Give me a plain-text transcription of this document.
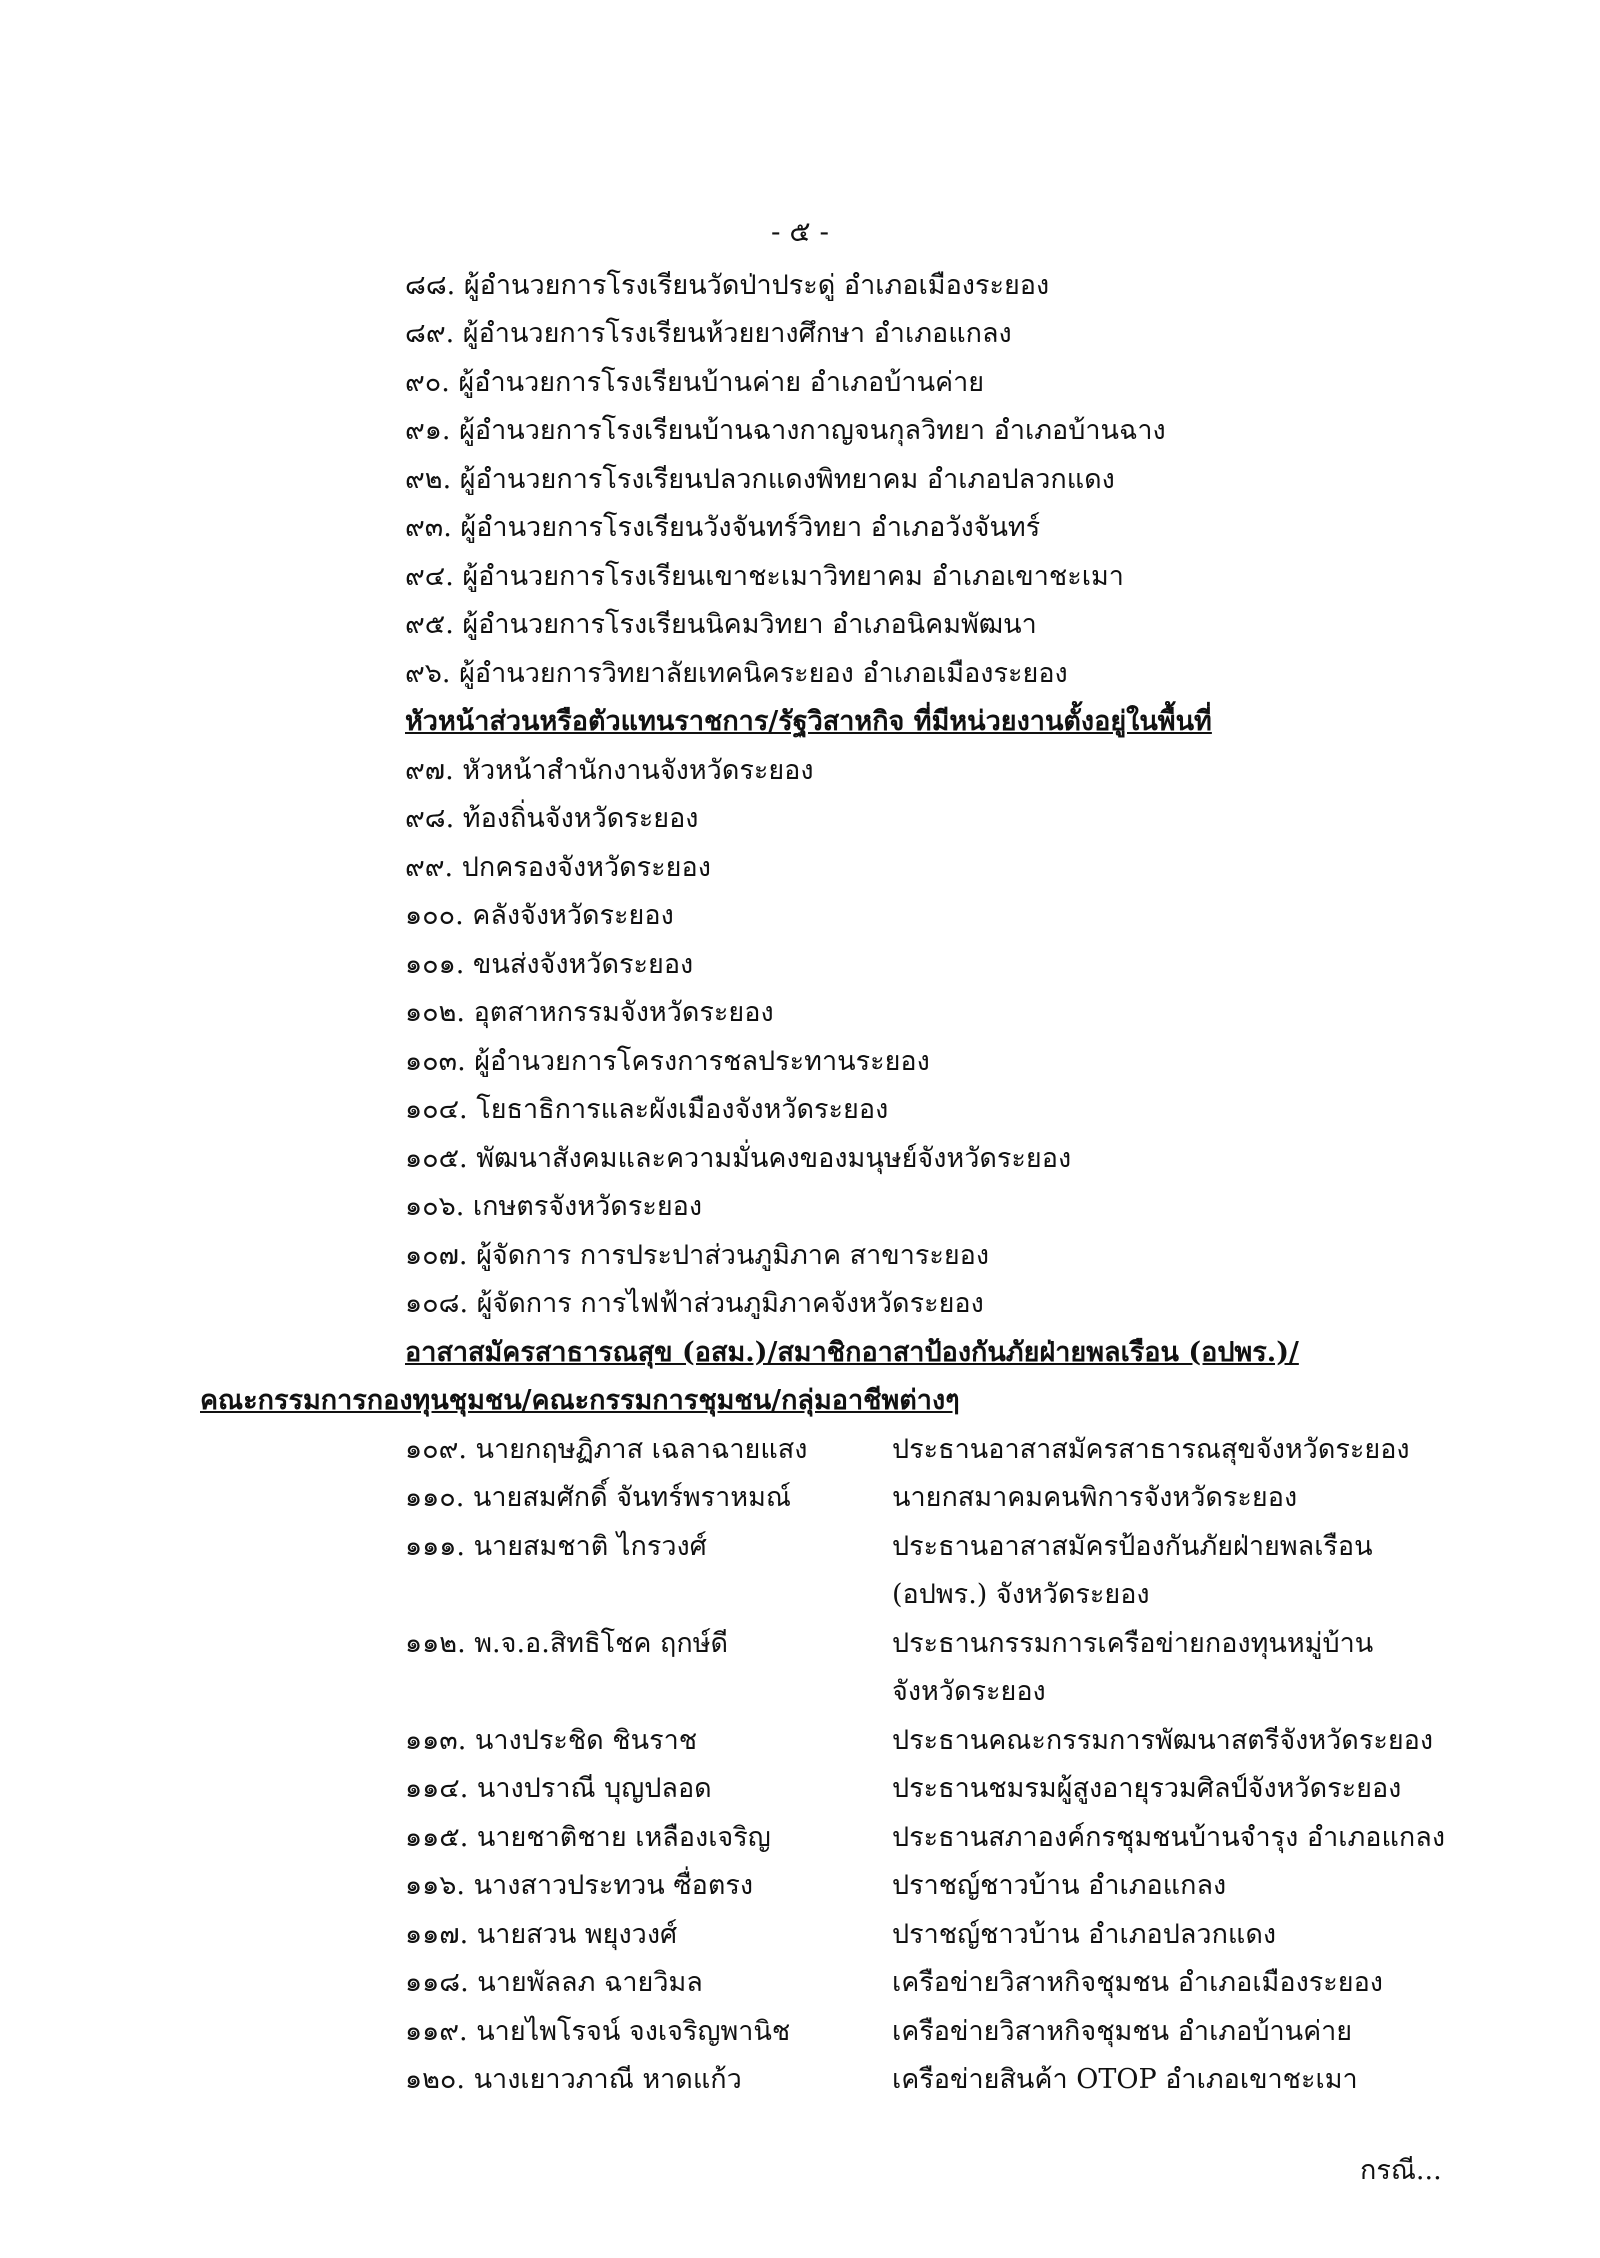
- ๕ -
๘๘. ผู้อำนวยการโรงเรียนวัดป่าประดู่ อำเภอเมืองระยอง
๘๙. ผู้อำนวยการโรงเรียนห้วยยางศึกษา อำเภอแกลง
๙๐. ผู้อำนวยการโรงเรียนบ้านค่าย อำเภอบ้านค่าย
๙๑. ผู้อำนวยการโรงเรียนบ้านฉางกาญจนกุลวิทยา อำเภอบ้านฉาง
๙๒. ผู้อำนวยการโรงเรียนปลวกแดงพิทยาคม อำเภอปลวกแดง
๙๓. ผู้อำนวยการโรงเรียนวังจันทร์วิทยา อำเภอวังจันทร์
๙๔. ผู้อำนวยการโรงเรียนเขาชะเมาวิทยาคม อำเภอเขาชะเมา
๙๕. ผู้อำนวยการโรงเรียนนิคมวิทยา อำเภอนิคมพัฒนา
๙๖. ผู้อำนวยการวิทยาลัยเทคนิคระยอง อำเภอเมืองระยอง
หัวหน้าส่วนหรือตัวแทนราชการ/รัฐวิสาหกิจ ที่มีหน่วยงานตั้งอยู่ในพื้นที่
๙๗. หัวหน้าสำนักงานจังหวัดระยอง
๙๘. ท้องถิ่นจังหวัดระยอง
๙๙. ปกครองจังหวัดระยอง
๑๐๐. คลังจังหวัดระยอง
๑๐๑. ขนส่งจังหวัดระยอง
๑๐๒. อุตสาหกรรมจังหวัดระยอง
๑๐๓. ผู้อำนวยการโครงการชลประทานระยอง
๑๐๔. โยธาธิการและผังเมืองจังหวัดระยอง
๑๐๕. พัฒนาสังคมและความมั่นคงของมนุษย์จังหวัดระยอง
๑๐๖. เกษตรจังหวัดระยอง
๑๐๗. ผู้จัดการ การประปาส่วนภูมิภาค สาขาระยอง
๑๐๘. ผู้จัดการ การไฟฟ้าส่วนภูมิภาคจังหวัดระยอง
อาสาสมัครสาธารณสุข (อสม.)/สมาชิกอาสาป้องกันภัยฝ่ายพลเรือน (อปพร.)/
คณะกรรมการกองทุนชุมชน/คณะกรรมการชุมชน/กลุ่มอาชีพต่างๆ
๑๐๙. นายกฤษฏิภาส เฉลาฉายแสง	ประธานอาสาสมัครสาธารณสุขจังหวัดระยอง
๑๑๐. นายสมศักดิ์ จันทร์พราหมณ์	นายกสมาคมคนพิการจังหวัดระยอง
๑๑๑. นายสมชาติ ไกรวงศ์	ประธานอาสาสมัครป้องกันภัยฝ่ายพลเรือน
(อปพร.) จังหวัดระยอง
๑๑๒. พ.จ.อ.สิทธิโชค ฤกษ์ดี	ประธานกรรมการเครือข่ายกองทุนหมู่บ้าน
จังหวัดระยอง
๑๑๓. นางประชิด ชินราช	ประธานคณะกรรมการพัฒนาสตรีจังหวัดระยอง
๑๑๔. นางปราณี บุญปลอด	ประธานชมรมผู้สูงอายุรวมศิลป์จังหวัดระยอง
๑๑๕. นายชาติชาย เหลืองเจริญ	ประธานสภาองค์กรชุมชนบ้านจำรุง อำเภอแกลง
๑๑๖. นางสาวประทวน ซื่อตรง	ปราชญ์ชาวบ้าน อำเภอแกลง
๑๑๗. นายสวน พยุงวงศ์	ปราชญ์ชาวบ้าน อำเภอปลวกแดง
๑๑๘. นายพัลลภ ฉายวิมล	เครือข่ายวิสาหกิจชุมชน อำเภอเมืองระยอง
๑๑๙. นายไพโรจน์ จงเจริญพานิช	เครือข่ายวิสาหกิจชุมชน อำเภอบ้านค่าย
๑๒๐. นางเยาวภาณี หาดแก้ว	เครือข่ายสินค้า OTOP อำเภอเขาชะเมา
กรณี...
